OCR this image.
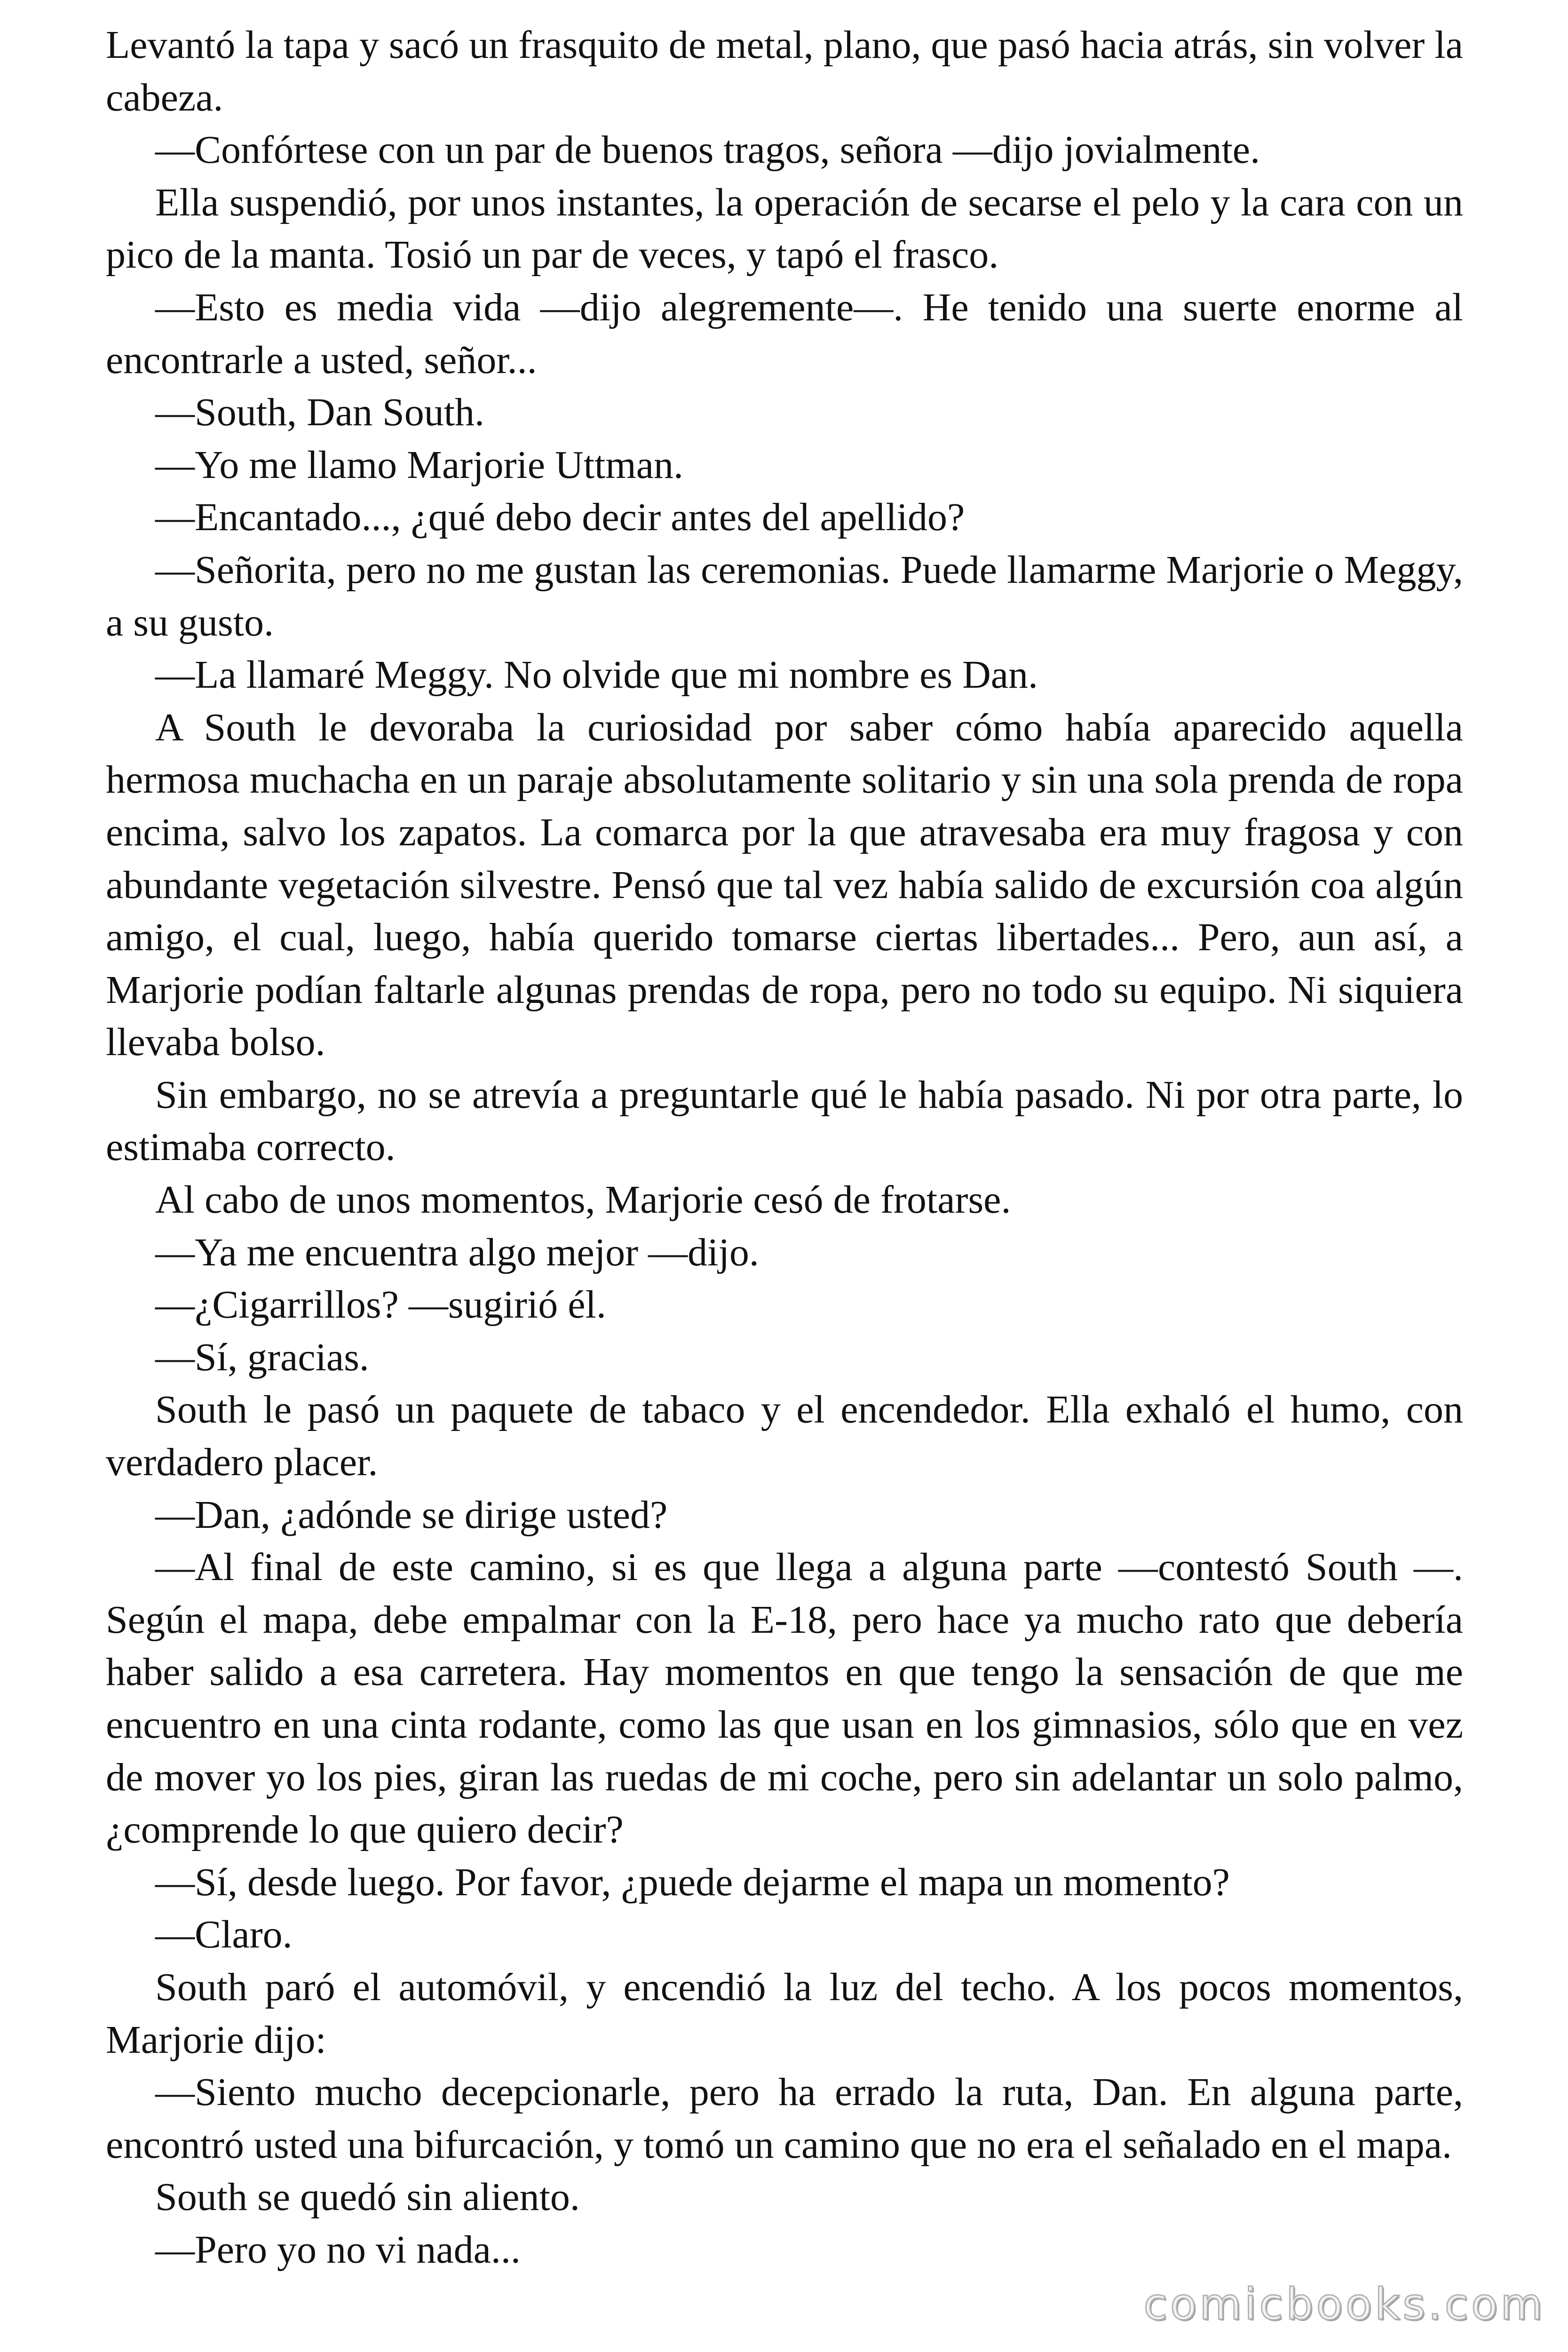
Levantó la tapa y sacó un frasquito de metal, plano, que pasó hacia atrás, sin volver la cabeza.

—Confórtese con un par de buenos tragos, señora —dijo jovialmente.

Ella suspendió, por unos instantes, la operación de secarse el pelo y la cara con un pico de la manta. Tosió un par de veces, y tapó el frasco.

—Esto es media vida —dijo alegremente—. He tenido una suerte enorme al encontrarle a usted, señor...

—South, Dan South.

—Yo me llamo Marjorie Uttman.

—Encantado..., ¿qué debo decir antes del apellido?

—Señorita, pero no me gustan las ceremonias. Puede llamarme Marjorie o Meggy, a su gusto.

—La llamaré Meggy. No olvide que mi nombre es Dan.

A South le devoraba la curiosidad por saber cómo había aparecido aquella hermosa muchacha en un paraje absolutamente solitario y sin una sola prenda de ropa encima, salvo los zapatos. La comarca por la que atravesaba era muy fragosa y con abundante vegetación silvestre. Pensó que tal vez había salido de excursión coa algún amigo, el cual, luego, había querido tomarse ciertas libertades... Pero, aun así, a Marjorie podían faltarle algunas prendas de ropa, pero no todo su equipo. Ni siquiera llevaba bolso.

Sin embargo, no se atrevía a preguntarle qué le había pasado. Ni por otra parte, lo estimaba correcto.

Al cabo de unos momentos, Marjorie cesó de frotarse.

—Ya me encuentra algo mejor —dijo.

—¿Cigarrillos? —sugirió él.

—Sí, gracias.

South le pasó un paquete de tabaco y el encendedor. Ella exhaló el humo, con verdadero placer.

—Dan, ¿adónde se dirige usted?

—Al final de este camino, si es que llega a alguna parte —contestó South —. Según el mapa, debe empalmar con la E-18, pero hace ya mucho rato que debería haber salido a esa carretera. Hay momentos en que tengo la sensación de que me encuentro en una cinta rodante, como las que usan en los gimnasios, sólo que en vez de mover yo los pies, giran las ruedas de mi coche, pero sin adelantar un solo palmo, ¿comprende lo que quiero decir?

—Sí, desde luego. Por favor, ¿puede dejarme el mapa un momento?

—Claro.

South paró el automóvil, y encendió la luz del techo. A los pocos momentos, Marjorie dijo:

—Siento mucho decepcionarle, pero ha errado la ruta, Dan. En alguna parte, encontró usted una bifurcación, y tomó un camino que no era el señalado en el mapa.

South se quedó sin aliento.

—Pero yo no vi nada...

comicbooks.com
